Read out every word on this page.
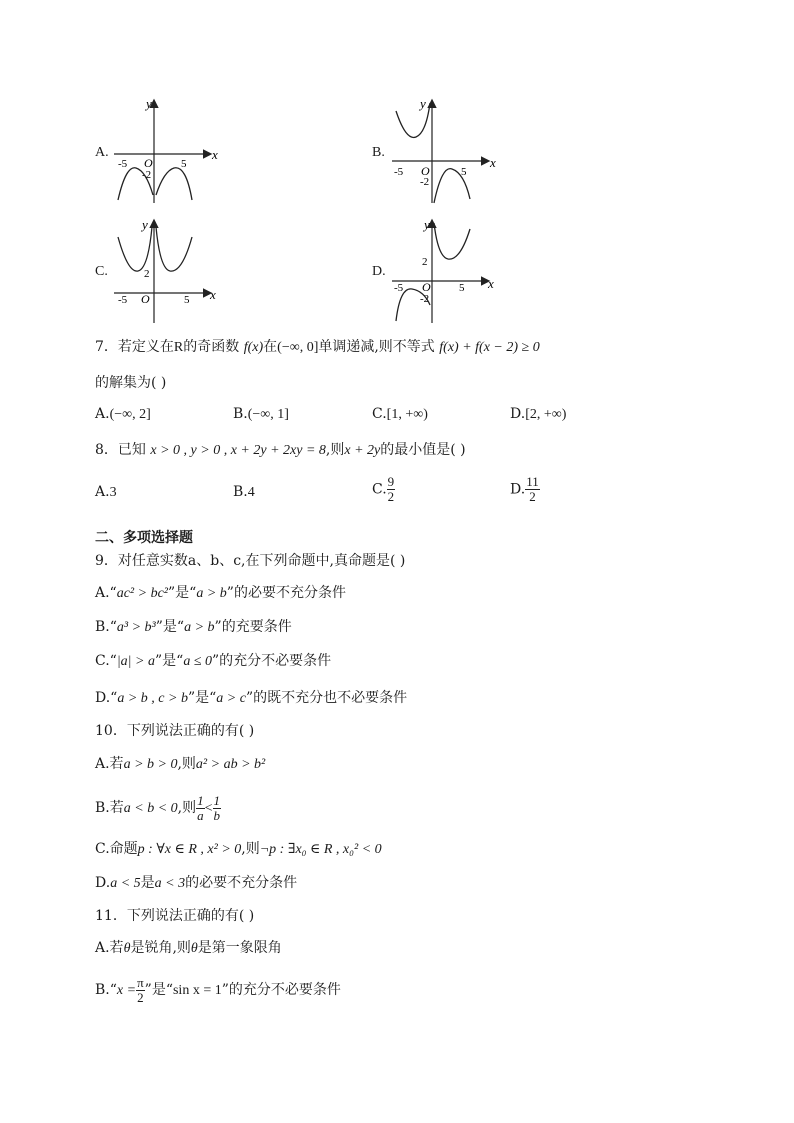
A.	x
y
O
-5	5
-2
B.
x
y
O
-5	5
-2
C.
x
y
O
-5	5
2	D.
x
y
O
-5	5
2
-2
7．若定义在R的奇函数 f(x)在(−∞, 0]单调递减,则不等式 f(x) + f(x − 2) ≥ 0
的解集为( )
A.(−∞, 2]	B.(−∞, 1]	C.[1, +∞)	D.[2, +∞)
8．已知 x > 0 , y > 0 , x + 2y + 2xy = 8,则x + 2y的最小值是( )
A.3	B.4	C. $\frac{9}{2}$	D. $\frac{11}{2}$
二、多项选择题
9．对任意实数a、b、c,在下列命题中,真命题是( )
A.“ac² > bc²”是“a > b”的必要不充分条件
B.“a³ > b³”是“a > b”的充要条件
C.“|a| > a”是“a ≤ 0”的充分不必要条件
D.“a > b , c > b”是“a > c”的既不充分也不必要条件
10．下列说法正确的有( )
A.若a > b > 0,则a² > ab > b²
B.若a < b < 0,则 $\frac{1}{a} < \frac{1}{b}$
C.命题p : ∀x ∈ R , x² > 0,则¬p : ∃x₀ ∈ R , x₀² < 0
D.a < 5是a < 3的必要不充分条件
11．下列说法正确的有( )
A.若θ是锐角,则θ是第一象限角
B.“x = $\frac{\pi}{2}$ ”是“sin x = 1”的充分不必要条件
